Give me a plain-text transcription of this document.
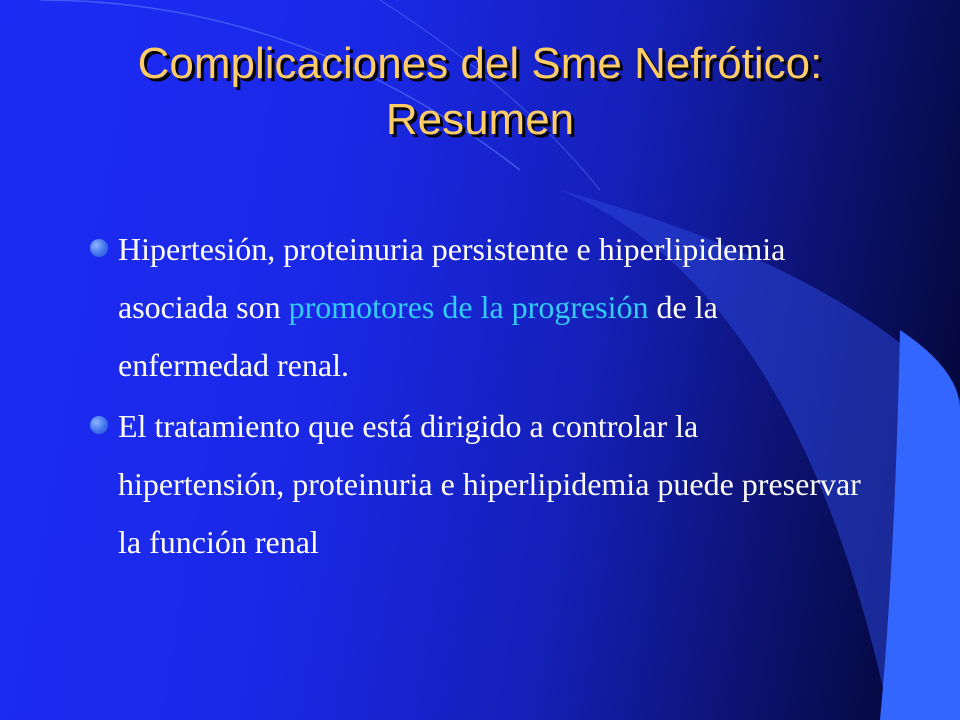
Complicaciones del Sme Nefrótico:
Resumen
Hipertesión, proteinuria persistente e hiperlipidemia asociada son promotores de la progresión de la enfermedad renal.
El tratamiento que está dirigido a controlar la hipertensión, proteinuria e hiperlipidemia puede preservar la función renal
